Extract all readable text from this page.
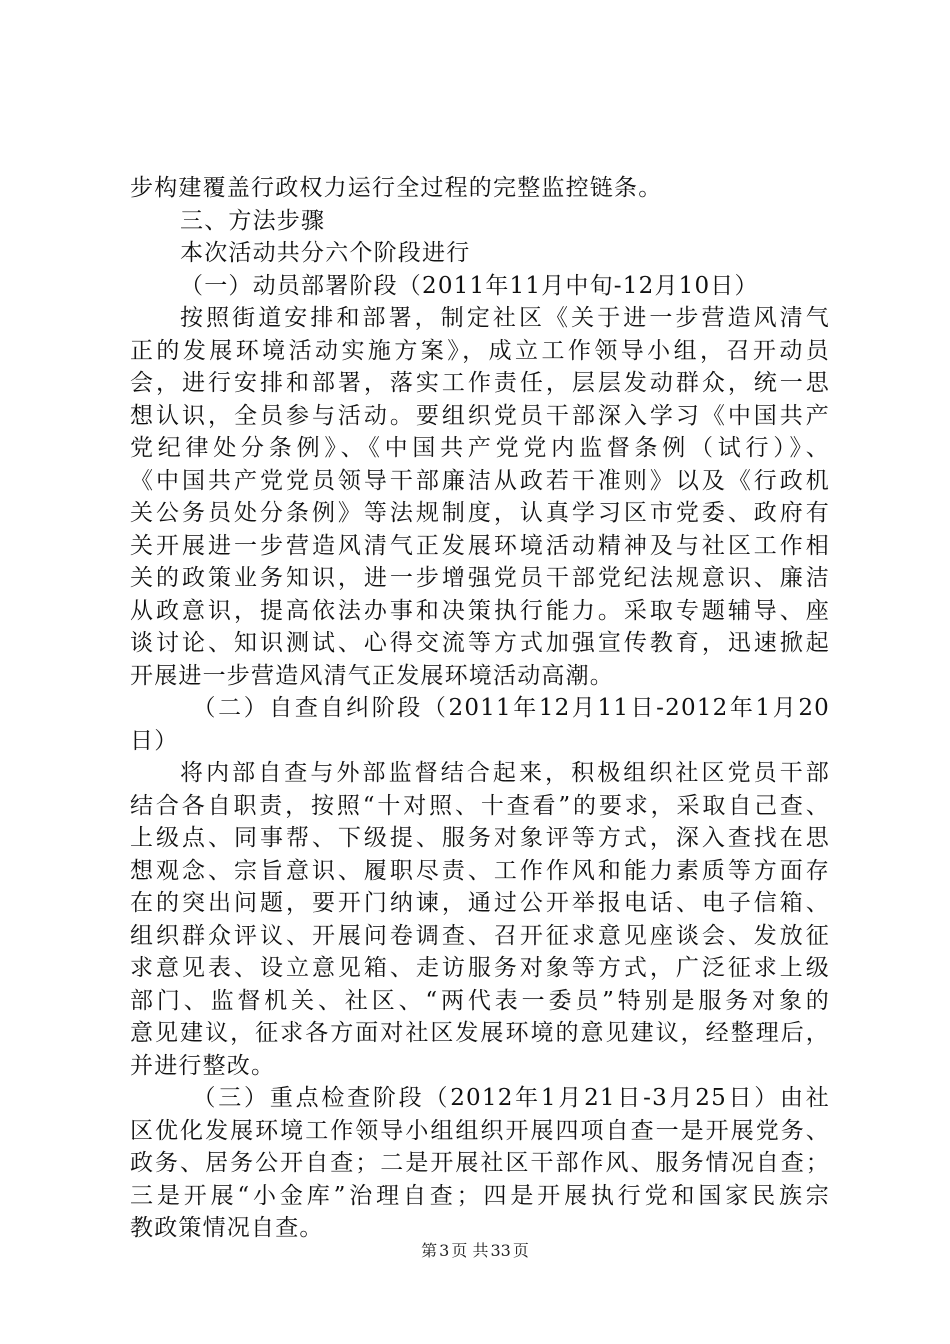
步构建覆盖行政权力运行全过程的完整监控链条。
三、方法步骤
本次活动共分六个阶段进行
（一）动员部署阶段（2011年11月中旬-12月10日）
按照街道安排和部署，制定社区《关于进一步营造风清气
正的发展环境活动实施方案》，成立工作领导小组，召开动员
会，进行安排和部署，落实工作责任，层层发动群众，统一思
想认识，全员参与活动。要组织党员干部深入学习《中国共产
党纪律处分条例》、《中国共产党党内监督条例（试行）》、
《中国共产党党员领导干部廉洁从政若干准则》以及《行政机
关公务员处分条例》等法规制度，认真学习区市党委、政府有
关开展进一步营造风清气正发展环境活动精神及与社区工作相
关的政策业务知识，进一步增强党员干部党纪法规意识、廉洁
从政意识，提高依法办事和决策执行能力。采取专题辅导、座
谈讨论、知识测试、心得交流等方式加强宣传教育，迅速掀起
开展进一步营造风清气正发展环境活动高潮。
（二）自查自纠阶段（2011年12月11日-2012年1月20
日）
将内部自查与外部监督结合起来，积极组织社区党员干部
结合各自职责，按照“十对照、十查看”的要求，采取自己查、
上级点、同事帮、下级提、服务对象评等方式，深入查找在思
想观念、宗旨意识、履职尽责、工作作风和能力素质等方面存
在的突出问题，要开门纳谏，通过公开举报电话、电子信箱、
组织群众评议、开展问卷调查、召开征求意见座谈会、发放征
求意见表、设立意见箱、走访服务对象等方式，广泛征求上级
部门、监督机关、社区、“两代表一委员”特别是服务对象的
意见建议，征求各方面对社区发展环境的意见建议，经整理后，
并进行整改。
（三）重点检查阶段（2012年1月21日-3月25日）由社
区优化发展环境工作领导小组组织开展四项自查一是开展党务、
政务、居务公开自查；二是开展社区干部作风、服务情况自查；
三是开展“小金库”治理自查；四是开展执行党和国家民族宗
教政策情况自查。
第 3 页 共 33 页
